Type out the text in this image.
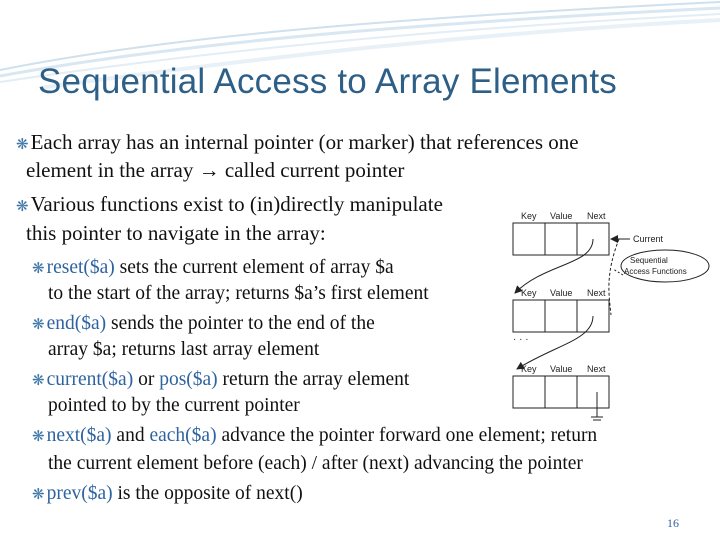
Sequential Access to Array Elements
❋Each array has an internal pointer (or marker) that references one
element in the array → called current pointer
❋Various functions exist to (in)directly manipulate
this pointer to navigate in the array:
❋ reset($a) sets the current element of array $a
to the start of the array; returns $a’s first element
❋ end($a) sends the pointer to the end of the
array $a; returns last array element
❋ current($a) or pos($a) return the array element
pointed to by the current pointer
❋ next($a) and each($a) advance the pointer forward one element; return
the current element before (each) / after (next) advancing the pointer
❋ prev($a) is the opposite of next()
Key Value Next
Key Value Next
Key Value Next
· · ·
Current
Sequential
Access Functions
16
